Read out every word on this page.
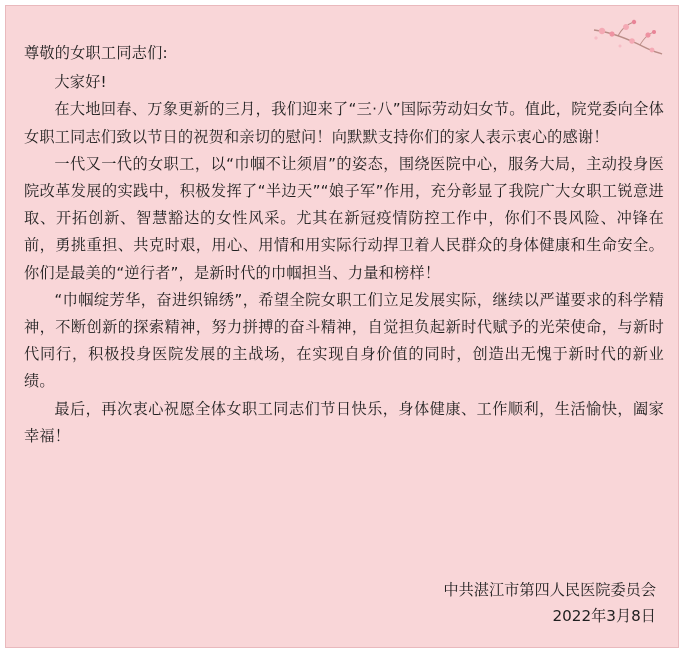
尊敬的女职工同志们:

大家好!

在大地回春、万象更新的三月，我们迎来了“三·八”国际劳动妇女节。值此，院党委向全体女职工同志们致以节日的祝贺和亲切的慰问！向默默支持你们的家人表示衷心的感谢！

一代又一代的女职工，以“巾帼不让须眉”的姿态，围绕医院中心，服务大局，主动投身医院改革发展的实践中，积极发挥了“半边天”“娘子军”作用，充分彰显了我院广大女职工锐意进取、开拓创新、智慧豁达的女性风采。尤其在新冠疫情防控工作中，你们不畏风险、冲锋在前，勇挑重担、共克时艰，用心、用情和用实际行动捍卫着人民群众的身体健康和生命安全。你们是最美的“逆行者”，是新时代的巾帼担当、力量和榜样！

“巾帼绽芳华，奋进织锦绣”，希望全院女职工们立足发展实际，继续以严谨要求的科学精神，不断创新的探索精神，努力拼搏的奋斗精神，自觉担负起新时代赋予的光荣使命，与新时代同行，积极投身医院发展的主战场，在实现自身价值的同时，创造出无愧于新时代的新业绩。

最后，再次衷心祝愿全体女职工同志们节日快乐，身体健康、工作顺利，生活愉快，阖家幸福！

中共湛江市第四人民医院委员会
2022年3月8日
